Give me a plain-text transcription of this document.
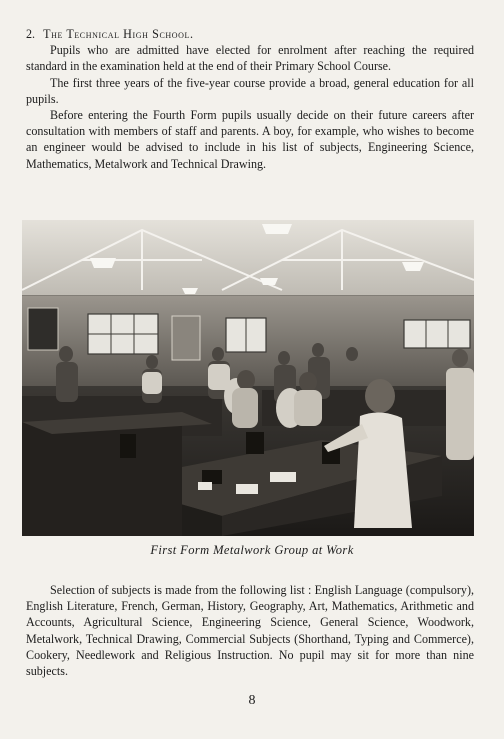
2. The Technical High School.

Pupils who are admitted have elected for enrolment after reaching the required standard in the examination held at the end of their Primary School Course.

The first three years of the five-year course provide a broad, general education for all pupils.

Before entering the Fourth Form pupils usually decide on their future careers after consultation with members of staff and parents. A boy, for example, who wishes to become an engineer would be advised to include in his list of subjects, Engineering Science, Mathematics, Metalwork and Technical Drawing.

First Form Metalwork Group at Work

Selection of subjects is made from the following list : English Language (compulsory), English Literature, French, German, History, Geography, Art, Mathematics, Arithmetic and Accounts, Agricultural Science, Engineering Science, General Science, Woodwork, Metalwork, Technical Drawing, Commercial Subjects (Shorthand, Typing and Commerce), Cookery, Needlework and Religious Instruction. No pupil may sit for more than nine subjects.

8
